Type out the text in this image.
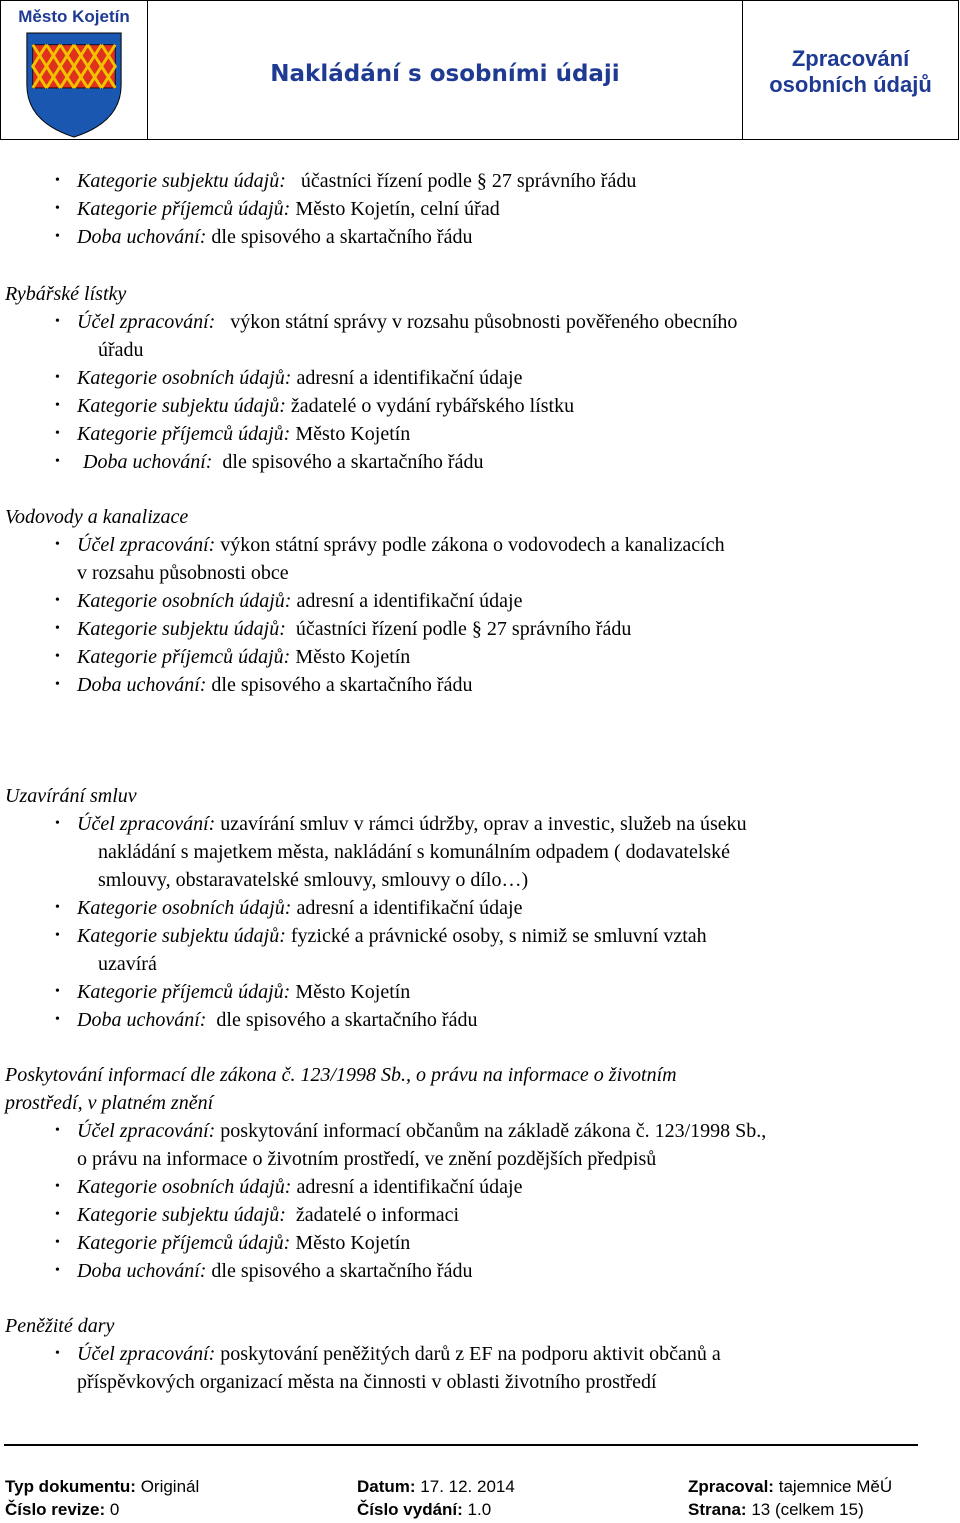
Město Kojetín
Nakládání s osobními údaji
Zpracování
osobních údajů
• Kategorie subjektu údajů: účastníci řízení podle § 27 správního řádu
• Kategorie příjemců údajů: Město Kojetín, celní úřad
• Doba uchování: dle spisového a skartačního řádu
Rybářské lístky
• Účel zpracování: výkon státní správy v rozsahu působnosti pověřeného obecního
úřadu
• Kategorie osobních údajů: adresní a identifikační údaje
• Kategorie subjektu údajů: žadatelé o vydání rybářského lístku
• Kategorie příjemců údajů: Město Kojetín
•	Doba uchování: dle spisového a skartačního řádu
Vodovody a kanalizace
• Účel zpracování: výkon státní správy podle zákona o vodovodech a kanalizacích
v rozsahu působnosti obce
• Kategorie osobních údajů: adresní a identifikační údaje
• Kategorie subjektu údajů: účastníci řízení podle § 27 správního řádu
• Kategorie příjemců údajů: Město Kojetín
• Doba uchování: dle spisového a skartačního řádu
Uzavírání smluv
• Účel zpracování: uzavírání smluv v rámci údržby, oprav a investic, služeb na úseku
nakládání s majetkem města, nakládání s komunálním odpadem ( dodavatelské
smlouvy, obstaravatelské smlouvy, smlouvy o dílo…)
• Kategorie osobních údajů: adresní a identifikační údaje
• Kategorie subjektu údajů: fyzické a právnické osoby, s nimiž se smluvní vztah
uzavírá
• Kategorie příjemců údajů: Město Kojetín
• Doba uchování: dle spisového a skartačního řádu
Poskytování informací dle zákona č. 123/1998 Sb., o právu na informace o životním
prostředí, v platném znění
• Účel zpracování: poskytování informací občanům na základě zákona č. 123/1998 Sb.,
o právu na informace o životním prostředí, ve znění pozdějších předpisů
• Kategorie osobních údajů: adresní a identifikační údaje
• Kategorie subjektu údajů: žadatelé o informaci
• Kategorie příjemců údajů: Město Kojetín
• Doba uchování: dle spisového a skartačního řádu
Peněžité dary
• Účel zpracování: poskytování peněžitých darů z EF na podporu aktivit občanů a
příspěvkových organizací města na činnosti v oblasti životního prostředí
Typ dokumentu: Originál	Datum: 17. 12. 2014	Zpracoval: tajemnice MěÚ
Číslo revize: 0	Číslo vydání: 1.0	Strana: 13 (celkem 15)
